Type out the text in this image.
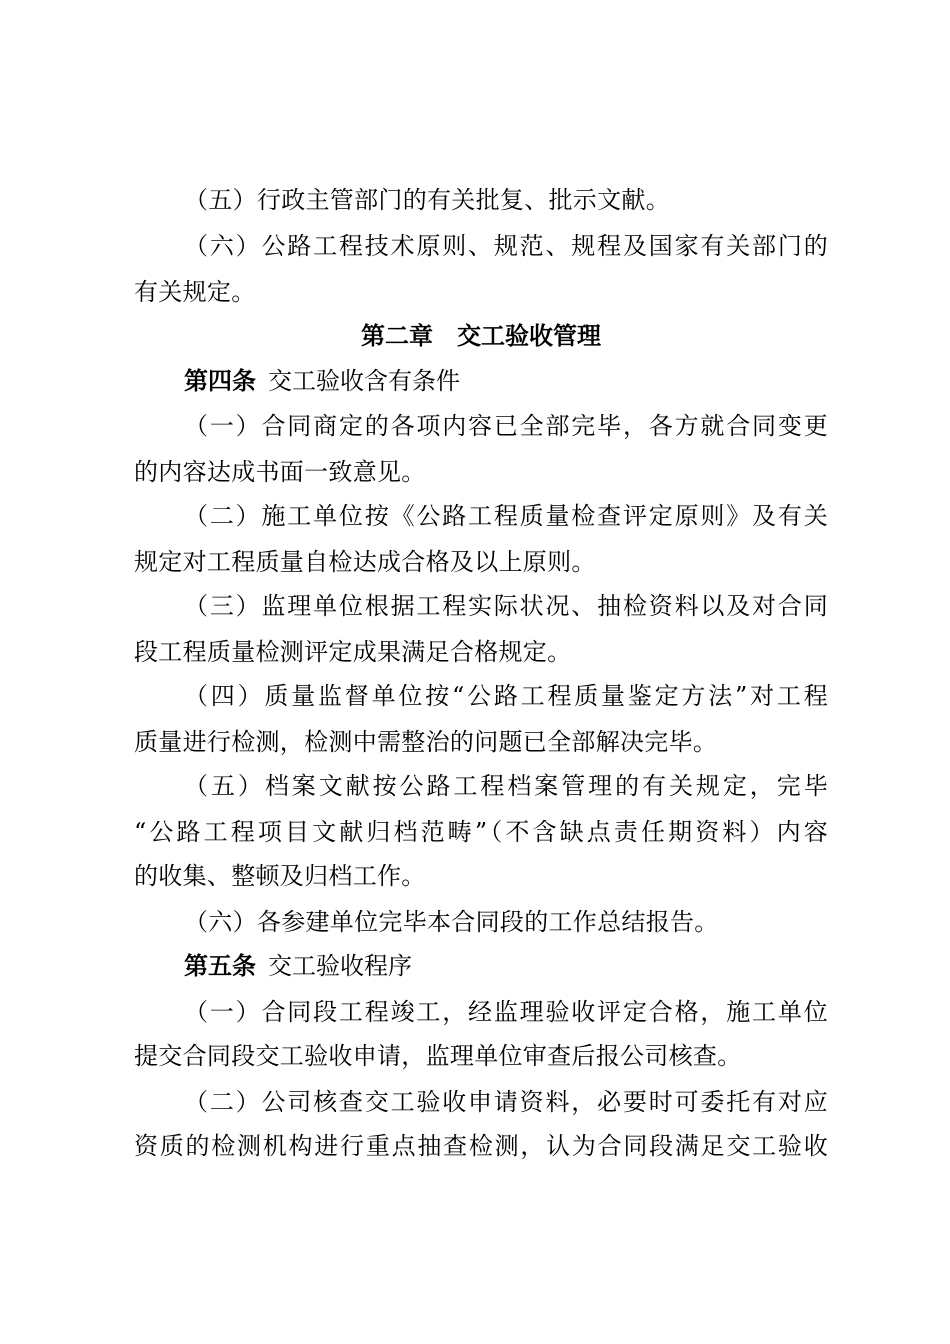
（五）行政主管部门的有关批复、批示文献。
（六）公路工程技术原则、规范、规程及国家有关部门的
有关规定。
第二章　交工验收管理
第四条 交工验收含有条件
（一）合同商定的各项内容已全部完毕，各方就合同变更
的内容达成书面一致意见。
（二）施工单位按《公路工程质量检查评定原则》及有关
规定对工程质量自检达成合格及以上原则。
（三）监理单位根据工程实际状况、抽检资料以及对合同
段工程质量检测评定成果满足合格规定。
（四）质量监督单位按“公路工程质量鉴定方法”对工程
质量进行检测，检测中需整治的问题已全部解决完毕。
（五）档案文献按公路工程档案管理的有关规定，完毕
“公路工程项目文献归档范畴”（不含缺点责任期资料）内容
的收集、整顿及归档工作。
（六）各参建单位完毕本合同段的工作总结报告。
第五条 交工验收程序
（一）合同段工程竣工，经监理验收评定合格，施工单位
提交合同段交工验收申请，监理单位审查后报公司核查。
（二）公司核查交工验收申请资料，必要时可委托有对应
资质的检测机构进行重点抽查检测，认为合同段满足交工验收
